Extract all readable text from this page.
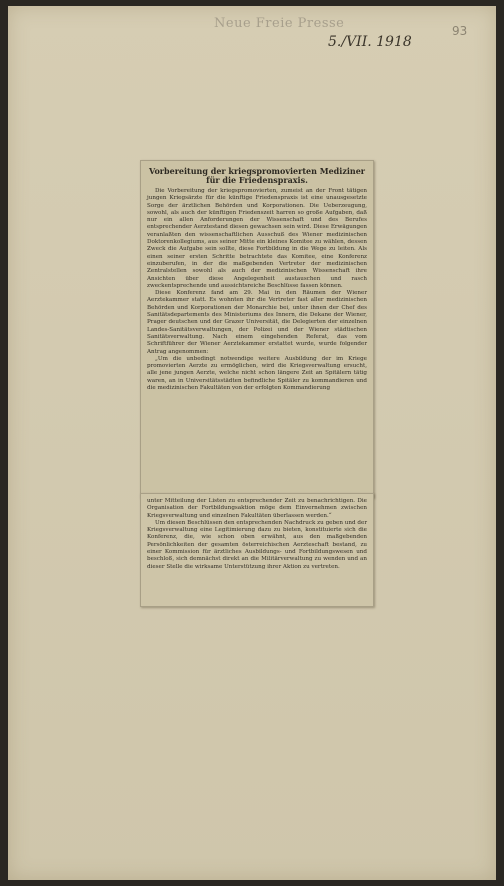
Neue Freie Presse
5./VII. 1918
93
Vorbereitung der kriegspromovierten Mediziner
für die Friedenspraxis.

Die Vorbereitung der kriegspromovierten, zumeist an der Front tätigen jungen Kriegsärzte für die künftige Friedenspraxis ist eine unausgesetzte Sorge der ärztlichen Behörden und Korporationen. Die Ueberzeugung, sowohl, als auch der künftigen Friedenszeit harren so große Aufgaben, daß nur ein allen Anforderungen der Wissenschaft und des Berufes entsprechender Aerztestand diesen gewachsen sein wird. Diese Erwägungen veranlaßten den wissenschaftlichen Ausschuß des Wiener medizinischen Doktorenkollegiums, aus seiner Mitte ein kleines Komitee zu wählen, dessen Zweck die Aufgabe sein sollte, diese Fortbildung in die Wege zu leiten. Als einen seiner ersten Schritte betrachtete das Komitee, eine Konferenz einzuberufen, in der die maßgebenden Vertreter der medizinischen Zentralstellen sowohl als auch der medizinischen Wissenschaft ihre Ansichten über diese Angelegenheit austauschen und rasch zweckentsprechende und aussichtsreiche Beschlüsse fassen können.

Diese Konferenz fand am 29. Mai in den Räumen der Wiener Aerztekammer statt. Es wohnten ihr die Vertreter fast aller medizinischen Behörden und Korporationen der Monarchie bei, unter ihnen der Chef des Sanitätsdepartements des Ministeriums des Innern, die Dekane der Wiener, Prager deutschen und der Grazer Universität, die Delegierten der einzelnen Landes-Sanitätsverwaltungen, der Polizei und der Wiener städtischen Sanitätsverwaltung. Nach einem eingehenden Referat, das vom Schriftführer der Wiener Aerztekammer erstattet wurde, wurde folgender Antrag angenommen:

„Um die unbedingt notwendige weitere Ausbildung der im Kriege promovierten Aerzte zu ermöglichen, wird die Kriegsverwaltung ersucht, alle jene jungen Aerzte, welche nicht schon längere Zeit an Spitälern tätig waren, an in Universitätsstädten befindliche Spitäler zu kommandieren und die medizinischen Fakultäten von der erfolgten Kommandierung

unter Mitteilung der Listen zu entsprechender Zeit zu benachrichtigen. Die Organisation der Fortbildungsaktion möge dem Einvernehmen zwischen Kriegsverwaltung und einzelnen Fakultäten überlassen werden.“

Um diesen Beschlüssen den entsprechenden Nachdruck zu geben und der Kriegsverwaltung eine Legitimierung dazu zu bieten, konstituierte sich die Konferenz, die, wie schon oben erwähnt, aus den maßgebenden Persönlichkeiten der gesamten österreichischen Aerzteschaft bestand, zu einer Kommission für ärztliches Ausbildungs- und Fortbildungswesen und beschloß, sich demnächst direkt an die Militärverwaltung zu wenden und an dieser Stelle die wirksame Unterstützung ihrer Aktion zu vertreten.
